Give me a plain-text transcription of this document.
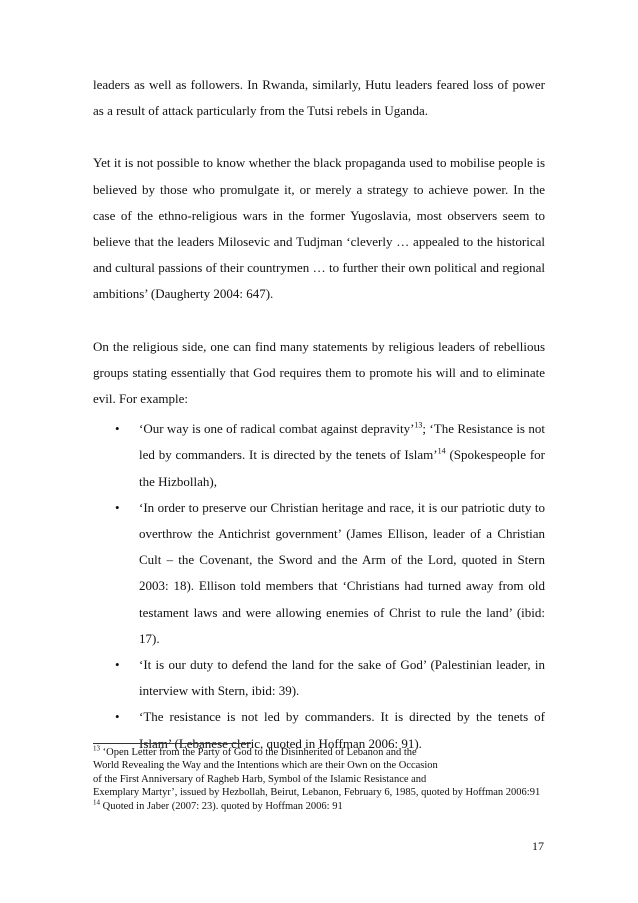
leaders as well as followers. In Rwanda, similarly, Hutu leaders feared loss of power as a result of attack particularly from the Tutsi rebels in Uganda.

Yet it is not possible to know whether the black propaganda used to mobilise people is believed by those who promulgate it, or merely a strategy to achieve power. In the case of the ethno-religious wars in the former Yugoslavia, most observers seem to believe that the leaders Milosevic and Tudjman ‘cleverly … appealed to the historical and cultural passions of their countrymen … to further their own political and regional ambitions’ (Daugherty 2004: 647).

On the religious side, one can find many statements by religious leaders of rebellious groups stating essentially that God requires them to promote his will and to eliminate evil. For example:

• ‘Our way is one of radical combat against depravity’$^{13}$; ‘The Resistance is not led by commanders. It is directed by the tenets of Islam’$^{14}$ (Spokespeople for the Hizbollah),
• ‘In order to preserve our Christian heritage and race, it is our patriotic duty to overthrow the Antichrist government’ (James Ellison, leader of a Christian Cult – the Covenant, the Sword and the Arm of the Lord, quoted in Stern 2003: 18). Ellison told members that ‘Christians had turned away from old testament laws and were allowing enemies of Christ to rule the land’ (ibid: 17).
• ‘It is our duty to defend the land for the sake of God’ (Palestinian leader, in interview with Stern, ibid: 39).
• ‘The resistance is not led by commanders. It is directed by the tenets of Islam’ (Lebanese cleric, quoted in Hoffman 2006: 91).

$^{13}$ ‘Open Letter from the Party of God to the Disinherited of Lebanon and the

World Revealing the Way and the Intentions which are their Own on the Occasion

of the First Anniversary of Ragheb Harb, Symbol of the Islamic Resistance and

Exemplary Martyr’, issued by Hezbollah, Beirut, Lebanon, February 6, 1985, quoted by Hoffman 2006:91

$^{14}$ Quoted in Jaber (2007: 23). quoted by Hoffman 2006: 91

17
